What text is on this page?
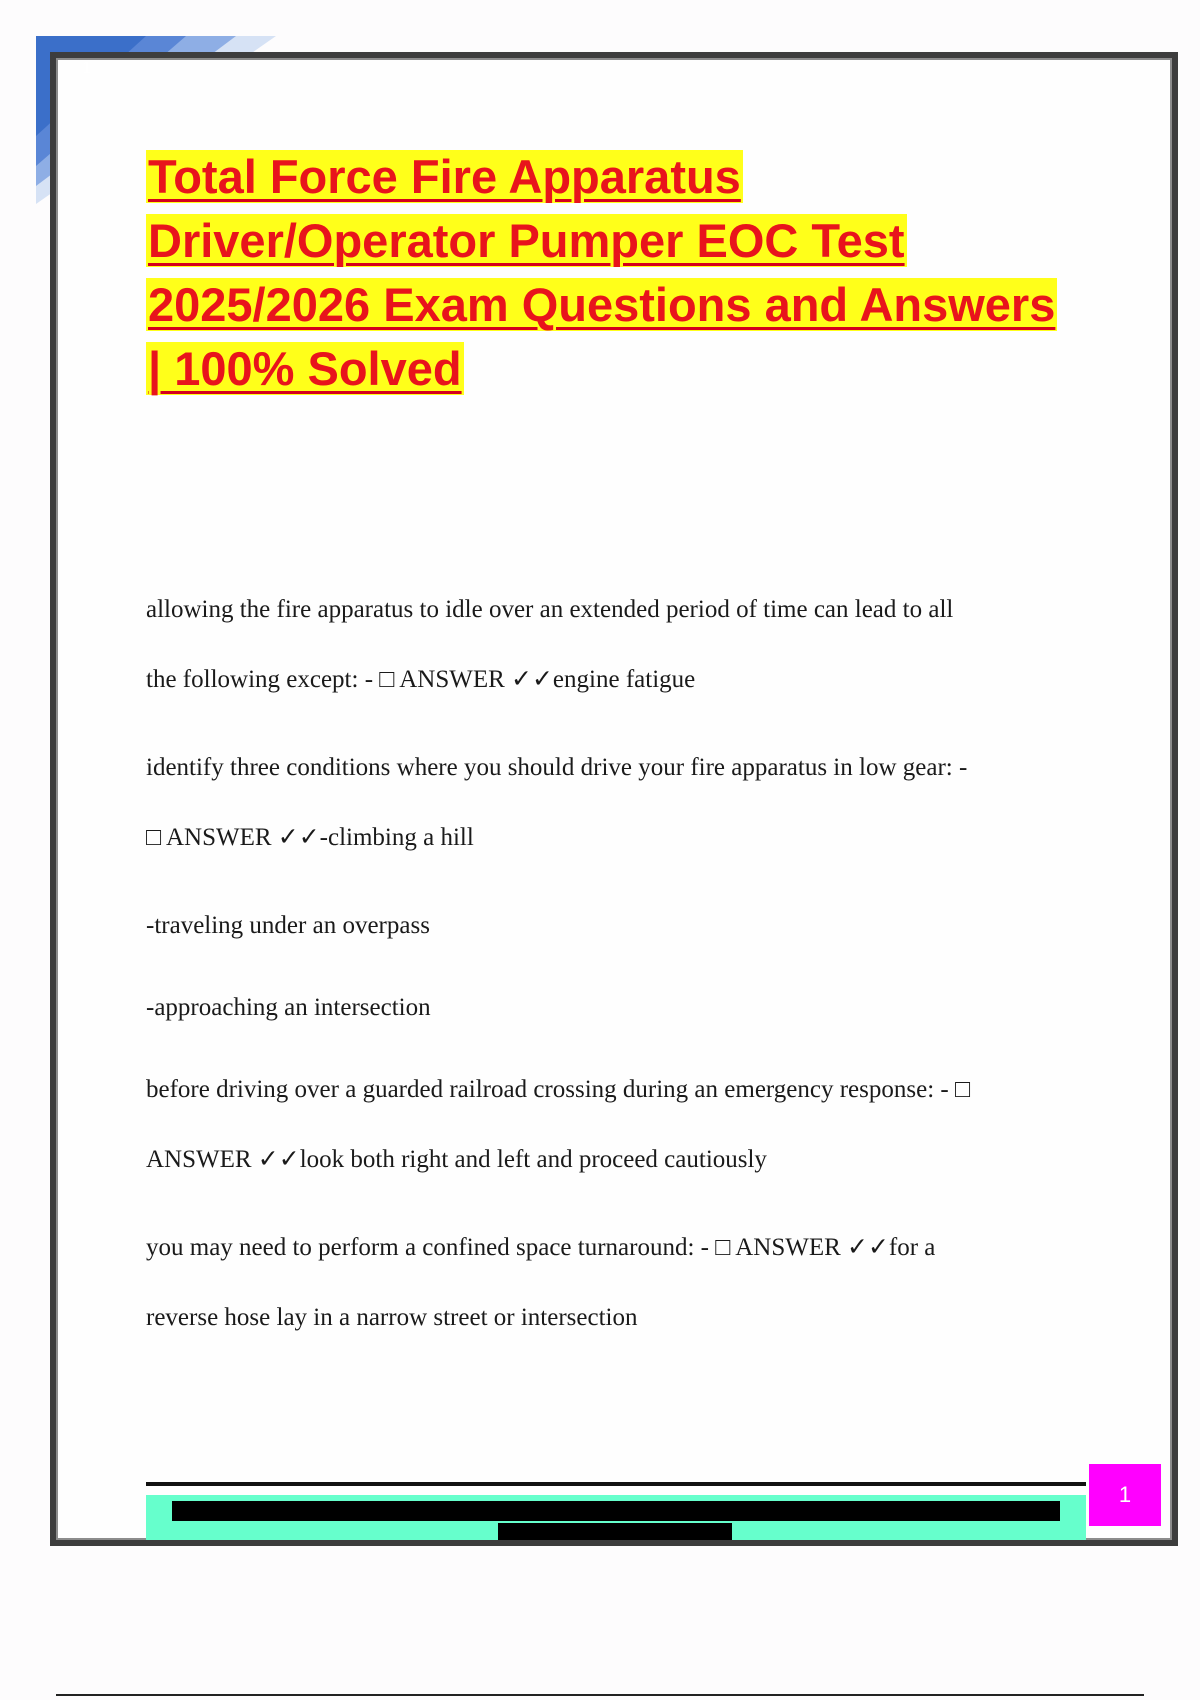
1
Total Force Fire Apparatus
Driver/Operator Pumper EOC Test
2025/2026 Exam Questions and Answers
| 100% Solved
allowing the fire apparatus to idle over an extended period of time can lead to all
the following except: - □ ANSWER ✓✓engine fatigue
identify three conditions where you should drive your fire apparatus in low gear: -
□ ANSWER ✓✓-climbing a hill
-traveling under an overpass
-approaching an intersection
before driving over a guarded railroad crossing during an emergency response: - □
ANSWER ✓✓look both right and left and proceed cautiously
you may need to perform a confined space turnaround: - □ ANSWER ✓✓for a
reverse hose lay in a narrow street or intersection
1
